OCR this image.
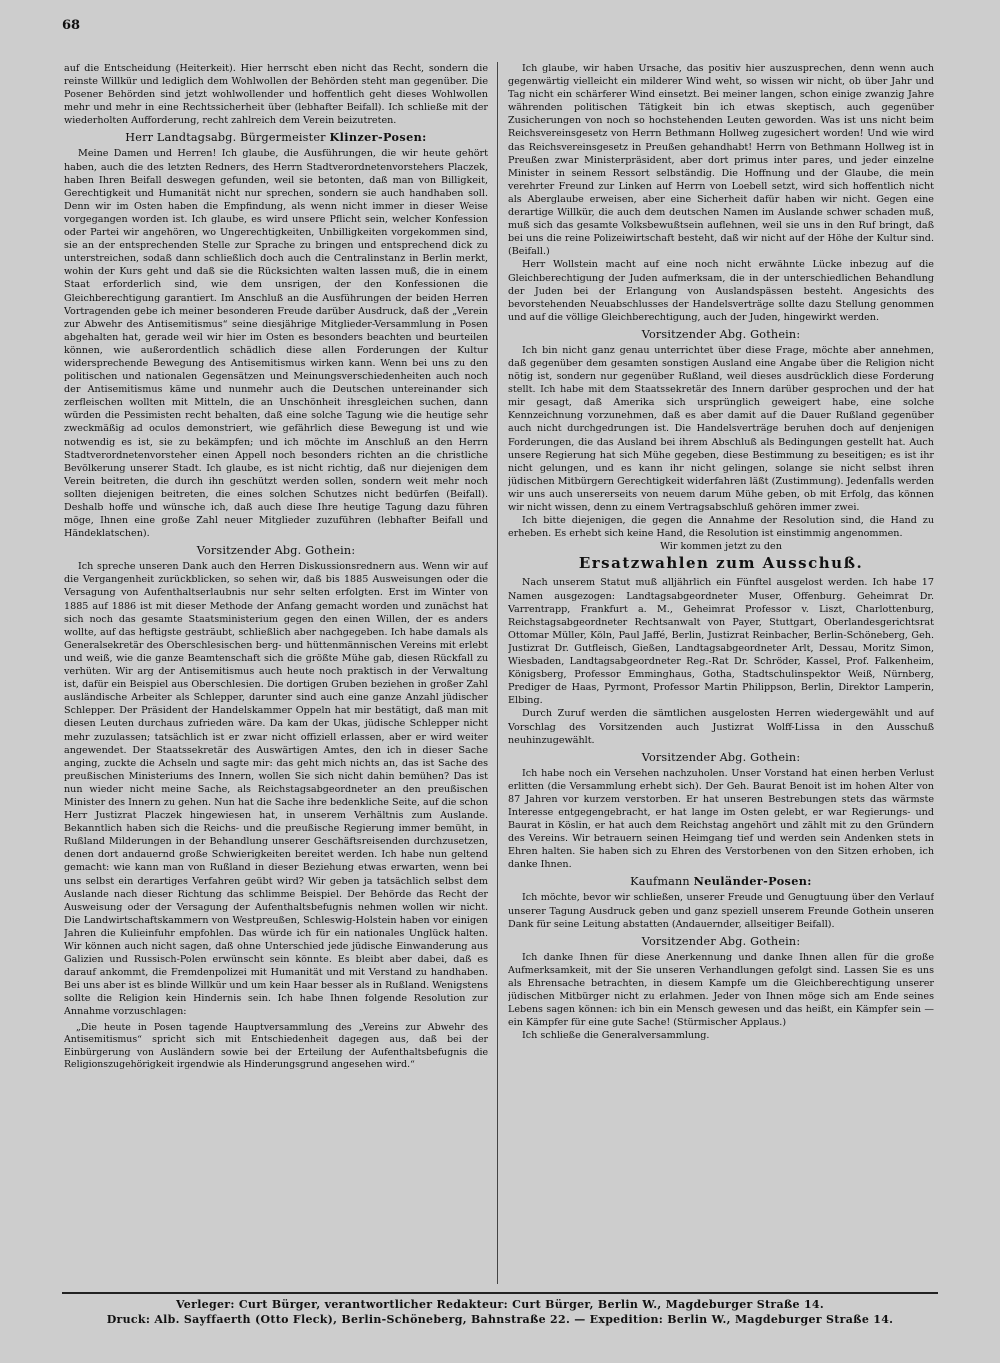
68

auf die Entscheidung (Heiterkeit). Hier herrscht eben nicht das Recht, sondern die reinste Willkür und lediglich dem Wohlwollen der Behörden steht man gegenüber. Die Posener Behörden sind jetzt wohlwollender und hoffentlich geht dieses Wohlwollen mehr und mehr in eine Rechtssicherheit über (lebhafter Beifall). Ich schließe mit der wiederholten Aufforderung, recht zahlreich dem Verein beizutreten.

Herr Landtagsabg. Bürgermeister Klinzer-Posen:

Meine Damen und Herren! Ich glaube, die Ausführungen, die wir heute gehört haben, auch die des letzten Redners, des Herrn Stadtverordnetenvorstehers Placzek, haben Ihren Beifall deswegen gefunden, weil sie betonten, daß man von Billigkeit, Gerechtigkeit und Humanität nicht nur sprechen, sondern sie auch handhaben soll. Denn wir im Osten haben die Empfindung, als wenn nicht immer in dieser Weise vorgegangen worden ist. Ich glaube, es wird unsere Pflicht sein, welcher Konfession oder Partei wir angehören, wo Ungerechtigkeiten, Unbilligkeiten vorgekommen sind, sie an der entsprechenden Stelle zur Sprache zu bringen und entsprechend dick zu unterstreichen, sodaß dann schließlich doch auch die Centralinstanz in Berlin merkt, wohin der Kurs geht und daß sie die Rücksichten walten lassen muß, die in einem Staat erforderlich sind, wie dem unsrigen, der den Konfessionen die Gleichberechtigung garantiert. Im Anschluß an die Ausführungen der beiden Herren Vortragenden gebe ich meiner besonderen Freude darüber Ausdruck, daß der „Verein zur Abwehr des Antisemitismus“ seine diesjährige Mitglieder-Versammlung in Posen abgehalten hat, gerade weil wir hier im Osten es besonders beachten und beurteilen können, wie außerordentlich schädlich diese allen Forderungen der Kultur widersprechende Bewegung des Antisemitismus wirken kann. Wenn bei uns zu den politischen und nationalen Gegensätzen und Meinungsverschiedenheiten auch noch der Antisemitismus käme und nunmehr auch die Deutschen untereinander sich zerfleischen wollten mit Mitteln, die an Unschönheit ihresgleichen suchen, dann würden die Pessimisten recht behalten, daß eine solche Tagung wie die heutige sehr zweckmäßig ad oculos demonstriert, wie gefährlich diese Bewegung ist und wie notwendig es ist, sie zu bekämpfen; und ich möchte im Anschluß an den Herrn Stadtverordnetenvorsteher einen Appell noch besonders richten an die christliche Bevölkerung unserer Stadt. Ich glaube, es ist nicht richtig, daß nur diejenigen dem Verein beitreten, die durch ihn geschützt werden sollen, sondern weit mehr noch sollten diejenigen beitreten, die eines solchen Schutzes nicht bedürfen (Beifall). Deshalb hoffe und wünsche ich, daß auch diese Ihre heutige Tagung dazu führen möge, Ihnen eine große Zahl neuer Mitglieder zuzuführen (lebhafter Beifall und Händeklatschen).

Vorsitzender Abg. Gothein:

Ich spreche unseren Dank auch den Herren Diskussionsrednern aus. Wenn wir auf die Vergangenheit zurückblicken, so sehen wir, daß bis 1885 Ausweisungen oder die Versagung von Aufenthaltserlaubnis nur sehr selten erfolgten. Erst im Winter von 1885 auf 1886 ist mit dieser Methode der Anfang gemacht worden und zunächst hat sich noch das gesamte Staatsministerium gegen den einen Willen, der es anders wollte, auf das heftigste gesträubt, schließlich aber nachgegeben. Ich habe damals als Generalsekretär des Oberschlesischen berg- und hüttenmännischen Vereins mit erlebt und weiß, wie die ganze Beamtenschaft sich die größte Mühe gab, diesen Rückfall zu verhüten. Wir arg der Antisemitismus auch heute noch praktisch in der Verwaltung ist, dafür ein Beispiel aus Oberschlesien. Die dortigen Gruben beziehen in großer Zahl ausländische Arbeiter als Schlepper, darunter sind auch eine ganze Anzahl jüdischer Schlepper. Der Präsident der Handelskammer Oppeln hat mir bestätigt, daß man mit diesen Leuten durchaus zufrieden wäre. Da kam der Ukas, jüdische Schlepper nicht mehr zuzulassen; tatsächlich ist er zwar nicht offiziell erlassen, aber er wird weiter angewendet. Der Staatssekretär des Auswärtigen Amtes, den ich in dieser Sache anging, zuckte die Achseln und sagte mir: das geht mich nichts an, das ist Sache des preußischen Ministeriums des Innern, wollen Sie sich nicht dahin bemühen? Das ist nun wieder nicht meine Sache, als Reichstagsabgeordneter an den preußischen Minister des Innern zu gehen. Nun hat die Sache ihre bedenkliche Seite, auf die schon Herr Justizrat Placzek hingewiesen hat, in unserem Verhältnis zum Auslande. Bekanntlich haben sich die Reichs- und die preußische Regierung immer bemüht, in Rußland Milderungen in der Behandlung unserer Geschäftsreisenden durchzusetzen, denen dort andauernd große Schwierigkeiten bereitet werden. Ich habe nun geltend gemacht: wie kann man von Rußland in dieser Beziehung etwas erwarten, wenn bei uns selbst ein derartiges Verfahren geübt wird? Wir geben ja tatsächlich selbst dem Auslande nach dieser Richtung das schlimme Beispiel. Der Behörde das Recht der Ausweisung oder der Versagung der Aufenthaltsbefugnis nehmen wollen wir nicht. Die Landwirtschaftskammern von Westpreußen, Schleswig-Holstein haben vor einigen Jahren die Kulieinfuhr empfohlen. Das würde ich für ein nationales Unglück halten. Wir können auch nicht sagen, daß ohne Unterschied jede jüdische Einwanderung aus Galizien und Russisch-Polen erwünscht sein könnte. Es bleibt aber dabei, daß es darauf ankommt, die Fremdenpolizei mit Humanität und mit Verstand zu handhaben. Bei uns aber ist es blinde Willkür und um kein Haar besser als in Rußland. Wenigstens sollte die Religion kein Hindernis sein. Ich habe Ihnen folgende Resolution zur Annahme vorzuschlagen:

„Die heute in Posen tagende Hauptversammlung des „Vereins zur Abwehr des Antisemitismus“ spricht sich mit Entschiedenheit dagegen aus, daß bei der Einbürgerung von Ausländern sowie bei der Erteilung der Aufenthaltsbefugnis die Religionszugehörigkeit irgendwie als Hinderungsgrund angesehen wird.“

Ich glaube, wir haben Ursache, das positiv hier auszusprechen, denn wenn auch gegenwärtig vielleicht ein milderer Wind weht, so wissen wir nicht, ob über Jahr und Tag nicht ein schärferer Wind einsetzt. Bei meiner langen, schon einige zwanzig Jahre währenden politischen Tätigkeit bin ich etwas skeptisch, auch gegenüber Zusicherungen von noch so hochstehenden Leuten geworden. Was ist uns nicht beim Reichsvereinsgesetz von Herrn Bethmann Hollweg zugesichert worden! Und wie wird das Reichsvereinsgesetz in Preußen gehandhabt! Herrn von Bethmann Hollweg ist in Preußen zwar Ministerpräsident, aber dort primus inter pares, und jeder einzelne Minister in seinem Ressort selbständig. Die Hoffnung und der Glaube, die mein verehrter Freund zur Linken auf Herrn von Loebell setzt, wird sich hoffentlich nicht als Aberglaube erweisen, aber eine Sicherheit dafür haben wir nicht. Gegen eine derartige Willkür, die auch dem deutschen Namen im Auslande schwer schaden muß, muß sich das gesamte Volksbewußtsein auflehnen, weil sie uns in den Ruf bringt, daß bei uns die reine Polizeiwirtschaft besteht, daß wir nicht auf der Höhe der Kultur sind. (Beifall.)

Herr Wollstein macht auf eine noch nicht erwähnte Lücke inbezug auf die Gleichberechtigung der Juden aufmerksam, die in der unterschiedlichen Behandlung der Juden bei der Erlangung von Auslandspässen besteht. Angesichts des bevorstehenden Neuabschlusses der Handelsverträge sollte dazu Stellung genommen und auf die völlige Gleichberechtigung, auch der Juden, hingewirkt werden.

Vorsitzender Abg. Gothein:

Ich bin nicht ganz genau unterrichtet über diese Frage, möchte aber annehmen, daß gegenüber dem gesamten sonstigen Ausland eine Angabe über die Religion nicht nötig ist, sondern nur gegenüber Rußland, weil dieses ausdrücklich diese Forderung stellt. Ich habe mit dem Staatssekretär des Innern darüber gesprochen und der hat mir gesagt, daß Amerika sich ursprünglich geweigert habe, eine solche Kennzeichnung vorzunehmen, daß es aber damit auf die Dauer Rußland gegenüber auch nicht durchgedrungen ist. Die Handelsverträge beruhen doch auf denjenigen Forderungen, die das Ausland bei ihrem Abschluß als Bedingungen gestellt hat. Auch unsere Regierung hat sich Mühe gegeben, diese Bestimmung zu beseitigen; es ist ihr nicht gelungen, und es kann ihr nicht gelingen, solange sie nicht selbst ihren jüdischen Mitbürgern Gerechtigkeit widerfahren läßt (Zustimmung). Jedenfalls werden wir uns auch unsererseits von neuem darum Mühe geben, ob mit Erfolg, das können wir nicht wissen, denn zu einem Vertragsabschluß gehören immer zwei.

Ich bitte diejenigen, die gegen die Annahme der Resolution sind, die Hand zu erheben. Es erhebt sich keine Hand, die Resolution ist einstimmig angenommen.

Wir kommen jetzt zu den

Ersatzwahlen zum Ausschuß.

Nach unserem Statut muß alljährlich ein Fünftel ausgelost werden. Ich habe 17 Namen ausgezogen: Landtagsabgeordneter Muser, Offenburg. Geheimrat Dr. Varrentrapp, Frankfurt a. M., Geheimrat Professor v. Liszt, Charlottenburg, Reichstagsabgeordneter Rechtsanwalt von Payer, Stuttgart, Oberlandesgerichtsrat Ottomar Müller, Köln, Paul Jaffé, Berlin, Justizrat Reinbacher, Berlin-Schöneberg, Geh. Justizrat Dr. Gutfleisch, Gießen, Landtagsabgeordneter Arlt, Dessau, Moritz Simon, Wiesbaden, Landtagsabgeordneter Reg.-Rat Dr. Schröder, Kassel, Prof. Falkenheim, Königsberg, Professor Emminghaus, Gotha, Stadtschulinspektor Weiß, Nürnberg, Prediger de Haas, Pyrmont, Professor Martin Philippson, Berlin, Direktor Lamperin, Elbing.

Durch Zuruf werden die sämtlichen ausgelosten Herren wiedergewählt und auf Vorschlag des Vorsitzenden auch Justizrat Wolff-Lissa in den Ausschuß neuhinzugewählt.

Vorsitzender Abg. Gothein:

Ich habe noch ein Versehen nachzuholen. Unser Vorstand hat einen herben Verlust erlitten (die Versammlung erhebt sich). Der Geh. Baurat Benoit ist im hohen Alter von 87 Jahren vor kurzem verstorben. Er hat unseren Bestrebungen stets das wärmste Interesse entgegengebracht, er hat lange im Osten gelebt, er war Regierungs- und Baurat in Köslin, er hat auch dem Reichstag angehört und zählt mit zu den Gründern des Vereins. Wir betrauern seinen Heimgang tief und werden sein Andenken stets in Ehren halten. Sie haben sich zu Ehren des Verstorbenen von den Sitzen erhoben, ich danke Ihnen.

Kaufmann Neuländer-Posen:

Ich möchte, bevor wir schließen, unserer Freude und Genugtuung über den Verlauf unserer Tagung Ausdruck geben und ganz speziell unserem Freunde Gothein unseren Dank für seine Leitung abstatten (Andauernder, allseitiger Beifall).

Vorsitzender Abg. Gothein:

Ich danke Ihnen für diese Anerkennung und danke Ihnen allen für die große Aufmerksamkeit, mit der Sie unseren Verhandlungen gefolgt sind. Lassen Sie es uns als Ehrensache betrachten, in diesem Kampfe um die Gleichberechtigung unserer jüdischen Mitbürger nicht zu erlahmen. Jeder von Ihnen möge sich am Ende seines Lebens sagen können: ich bin ein Mensch gewesen und das heißt, ein Kämpfer sein — ein Kämpfer für eine gute Sache! (Stürmischer Applaus.)

Ich schließe die Generalversammlung.

Verleger: Curt Bürger, verantwortlicher Redakteur: Curt Bürger, Berlin W., Magdeburger Straße 14.
Druck: Alb. Sayffaerth (Otto Fleck), Berlin-Schöneberg, Bahnstraße 22. — Expedition: Berlin W., Magdeburger Straße 14.
